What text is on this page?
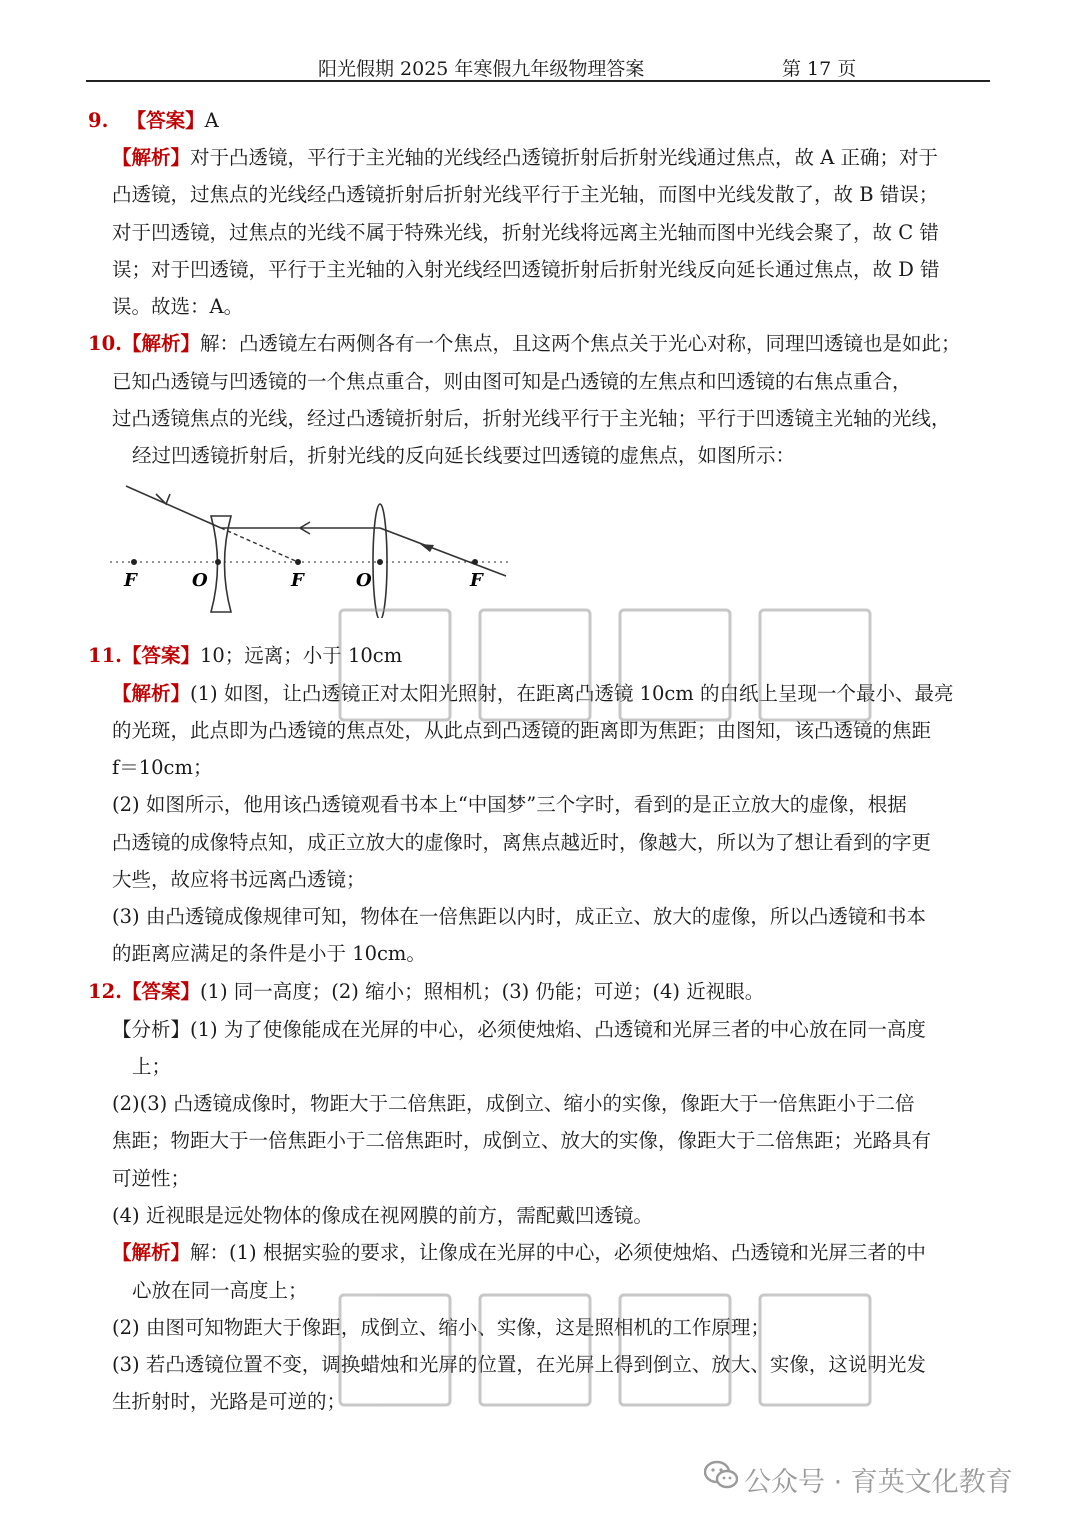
阳光假期 2025 年寒假九年级物理答案	第 17 页
9. 【答案】A
【解析】对于凸透镜，平行于主光轴的光线经凸透镜折射后折射光线通过焦点，故 A 正确；对于
凸透镜，过焦点的光线经凸透镜折射后折射光线平行于主光轴，而图中光线发散了，故 B 错误；
对于凹透镜，过焦点的光线不属于特殊光线，折射光线将远离主光轴而图中光线会聚了，故 C 错
误；对于凹透镜，平行于主光轴的入射光线经凹透镜折射后折射光线反向延长通过焦点，故 D 错
误。故选：A。
10.【解析】解：凸透镜左右两侧各有一个焦点，且这两个焦点关于光心对称，同理凹透镜也是如此；
已知凸透镜与凹透镜的一个焦点重合，则由图可知是凸透镜的左焦点和凹透镜的右焦点重合，
过凸透镜焦点的光线，经过凸透镜折射后，折射光线平行于主光轴；平行于凹透镜主光轴的光线，
经过凹透镜折射后，折射光线的反向延长线要过凹透镜的虚焦点，如图所示：
F	O	F	O	F
11.【答案】10；远离；小于 10cm
【解析】(1) 如图，让凸透镜正对太阳光照射，在距离凸透镜 10cm 的白纸上呈现一个最小、最亮
的光斑，此点即为凸透镜的焦点处，从此点到凸透镜的距离即为焦距；由图知，该凸透镜的焦距
f＝10cm；
(2) 如图所示，他用该凸透镜观看书本上“中国梦”三个字时，看到的是正立放大的虚像，根据
凸透镜的成像特点知，成正立放大的虚像时，离焦点越近时，像越大，所以为了想让看到的字更
大些，故应将书远离凸透镜；
(3) 由凸透镜成像规律可知，物体在一倍焦距以内时，成正立、放大的虚像，所以凸透镜和书本
的距离应满足的条件是小于 10cm。
12.【答案】(1) 同一高度；(2) 缩小；照相机；(3) 仍能；可逆；(4) 近视眼。
【分析】(1) 为了使像能成在光屏的中心，必须使烛焰、凸透镜和光屏三者的中心放在同一高度
上；
(2)(3) 凸透镜成像时，物距大于二倍焦距，成倒立、缩小的实像，像距大于一倍焦距小于二倍
焦距；物距大于一倍焦距小于二倍焦距时，成倒立、放大的实像，像距大于二倍焦距；光路具有
可逆性；
(4) 近视眼是远处物体的像成在视网膜的前方，需配戴凹透镜。
【解析】解：(1) 根据实验的要求，让像成在光屏的中心，必须使烛焰、凸透镜和光屏三者的中
心放在同一高度上；
(2) 由图可知物距大于像距，成倒立、缩小、实像，这是照相机的工作原理；
(3) 若凸透镜位置不变，调换蜡烛和光屏的位置，在光屏上得到倒立、放大、实像，这说明光发
生折射时，光路是可逆的；
公众号 · 育英文化教育
